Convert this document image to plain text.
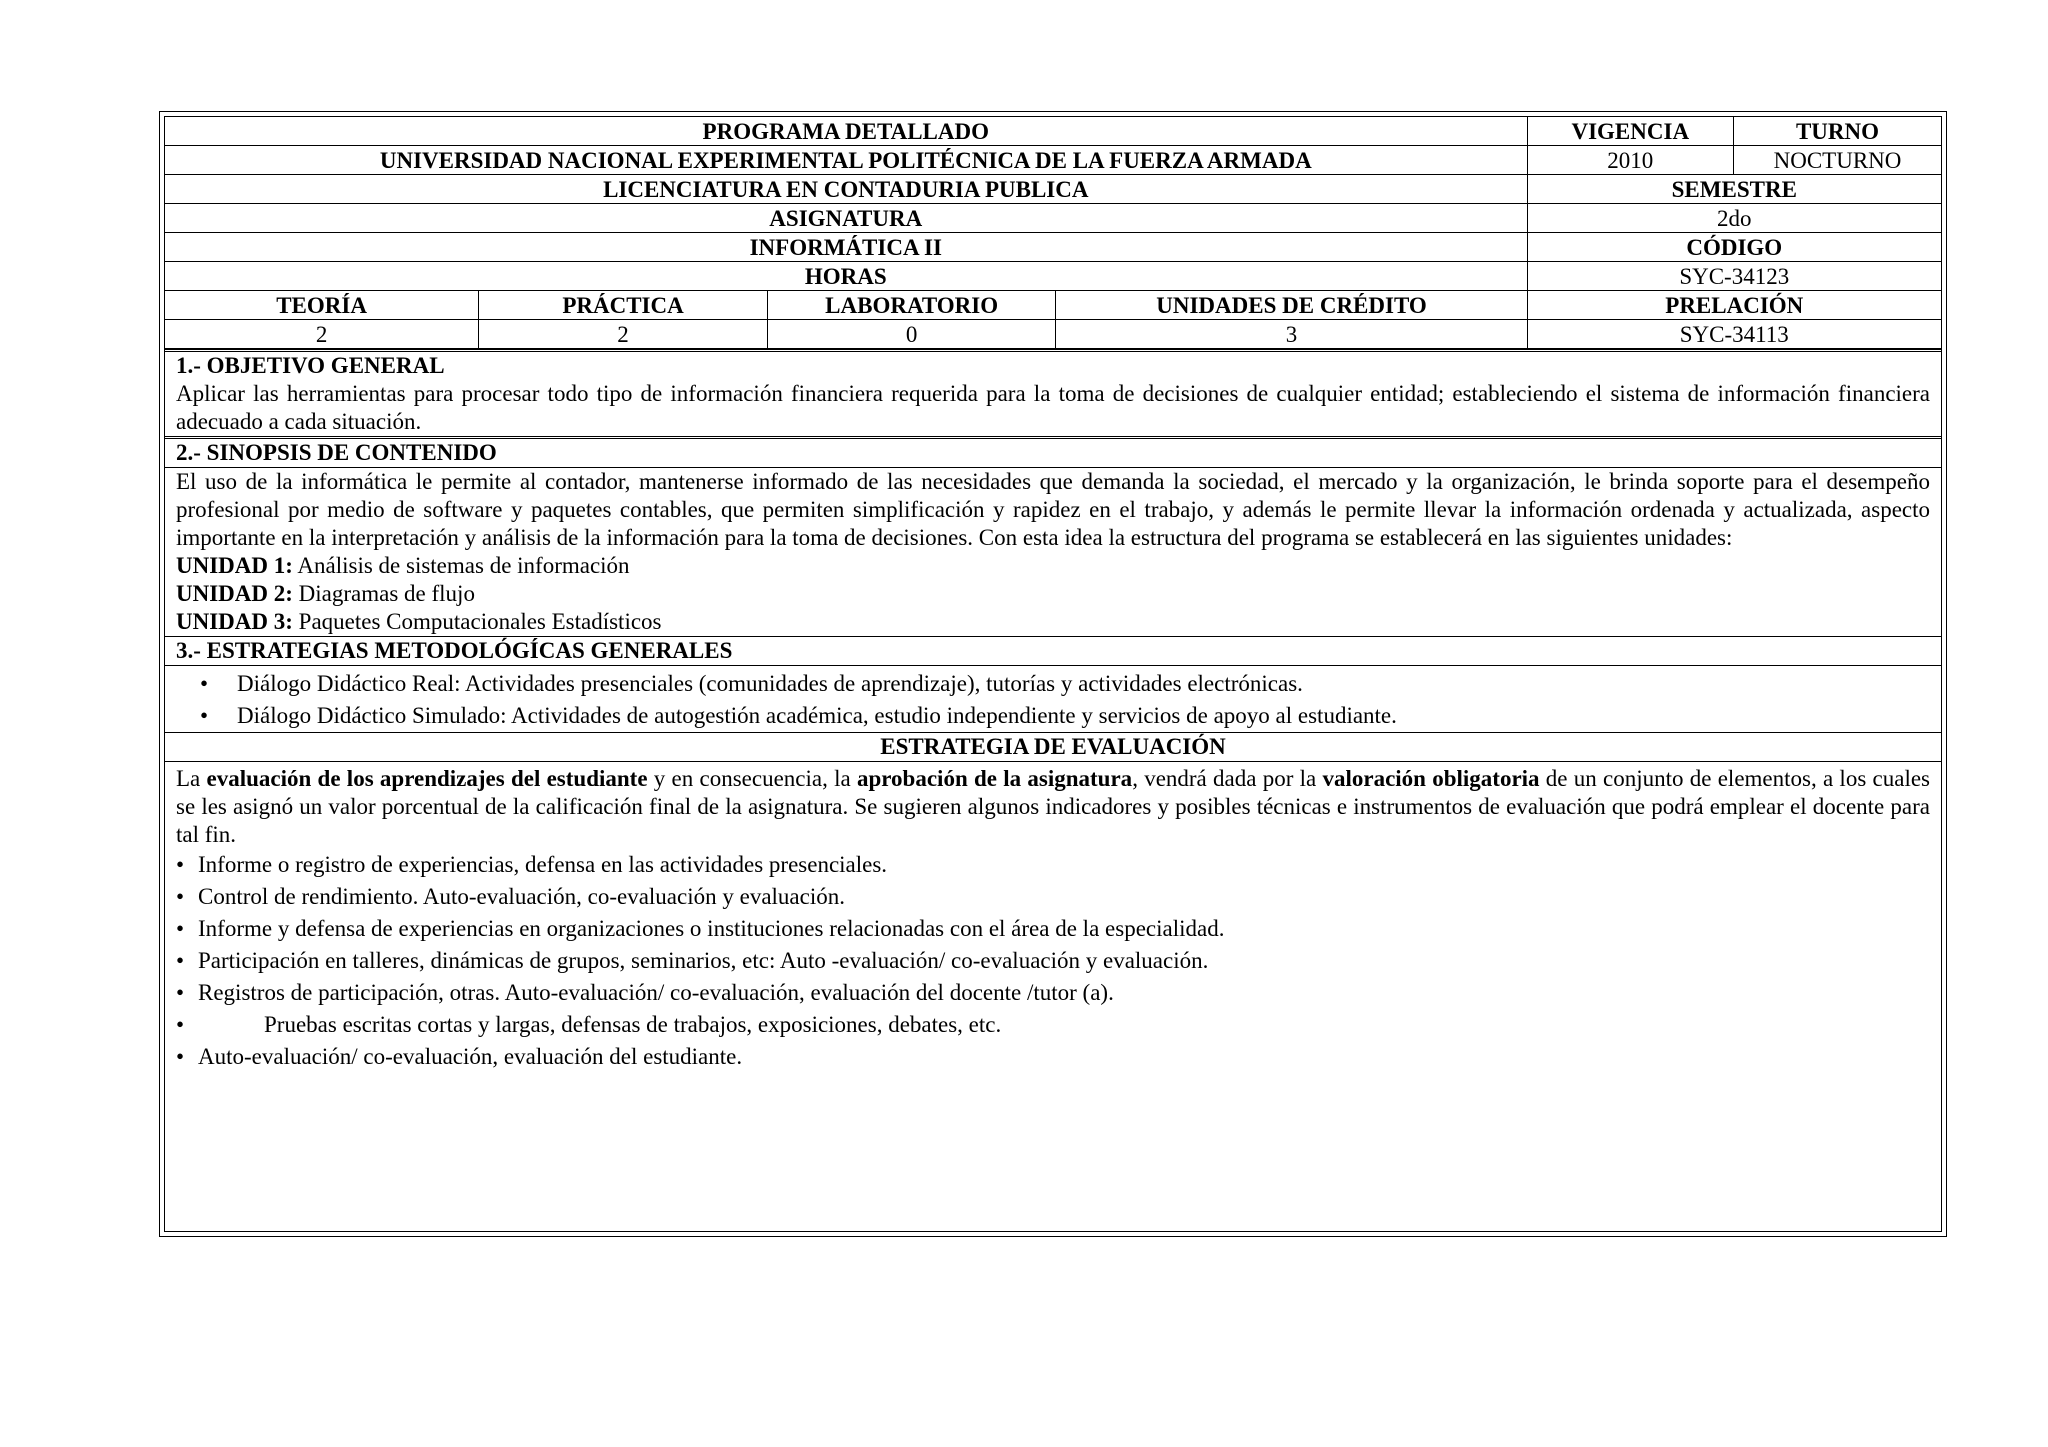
PROGRAMA DETALLADO				VIGENCIA	TURNO
UNIVERSIDAD NACIONAL EXPERIMENTAL POLITÉCNICA DE LA FUERZA ARMADA				2010	NOCTURNO
LICENCIATURA EN CONTADURIA PUBLICA				SEMESTRE	
ASIGNATURA				2do	
INFORMÁTICA II				CÓDIGO	
HORAS				SYC-34123	
TEORÍA	PRÁCTICA	LABORATORIO	UNIDADES DE CRÉDITO	PRELACIÓN	
2	2	0	3	SYC-34113	
1.- OBJETIVO GENERAL
Aplicar las herramientas para procesar todo tipo de información financiera requerida para la toma de decisiones de cualquier entidad; estableciendo el sistema de información financiera adecuado a cada situación.
2.- SINOPSIS DE CONTENIDO
El uso de la informática le permite al contador, mantenerse informado de las necesidades que demanda la sociedad, el mercado y la organización, le brinda soporte para el desempeño profesional por medio de software y paquetes contables, que permiten simplificación y rapidez en el trabajo, y además le permite llevar la información ordenada y actualizada, aspecto importante en la interpretación y análisis de la información para la toma de decisiones. Con esta idea la estructura del programa se establecerá en las siguientes unidades:
UNIDAD 1: Análisis de sistemas de información
UNIDAD 2: Diagramas de flujo
UNIDAD 3: Paquetes Computacionales Estadísticos
3.- ESTRATEGIAS METODOLÓGÍCAS GENERALES
• Diálogo Didáctico Real: Actividades presenciales (comunidades de aprendizaje), tutorías y actividades electrónicas.
• Diálogo Didáctico Simulado: Actividades de autogestión académica, estudio independiente y servicios de apoyo al estudiante.
ESTRATEGIA DE EVALUACIÓN
La evaluación de los aprendizajes del estudiante y en consecuencia, la aprobación de la asignatura, vendrá dada por la valoración obligatoria de un conjunto de elementos, a los cuales se les asignó un valor porcentual de la calificación final de la asignatura. Se sugieren algunos indicadores y posibles técnicas e instrumentos de evaluación que podrá emplear el docente para tal fin.
• Informe o registro de experiencias, defensa en las actividades presenciales.
• Control de rendimiento. Auto-evaluación, co-evaluación y evaluación.
• Informe y defensa de experiencias en organizaciones o instituciones relacionadas con el área de la especialidad.
• Participación en talleres, dinámicas de grupos, seminarios, etc: Auto -evaluación/ co-evaluación y evaluación.
• Registros de participación, otras. Auto-evaluación/ co-evaluación, evaluación del docente /tutor (a).
• Pruebas escritas cortas y largas, defensas de trabajos, exposiciones, debates, etc.
• Auto-evaluación/ co-evaluación, evaluación del estudiante.
